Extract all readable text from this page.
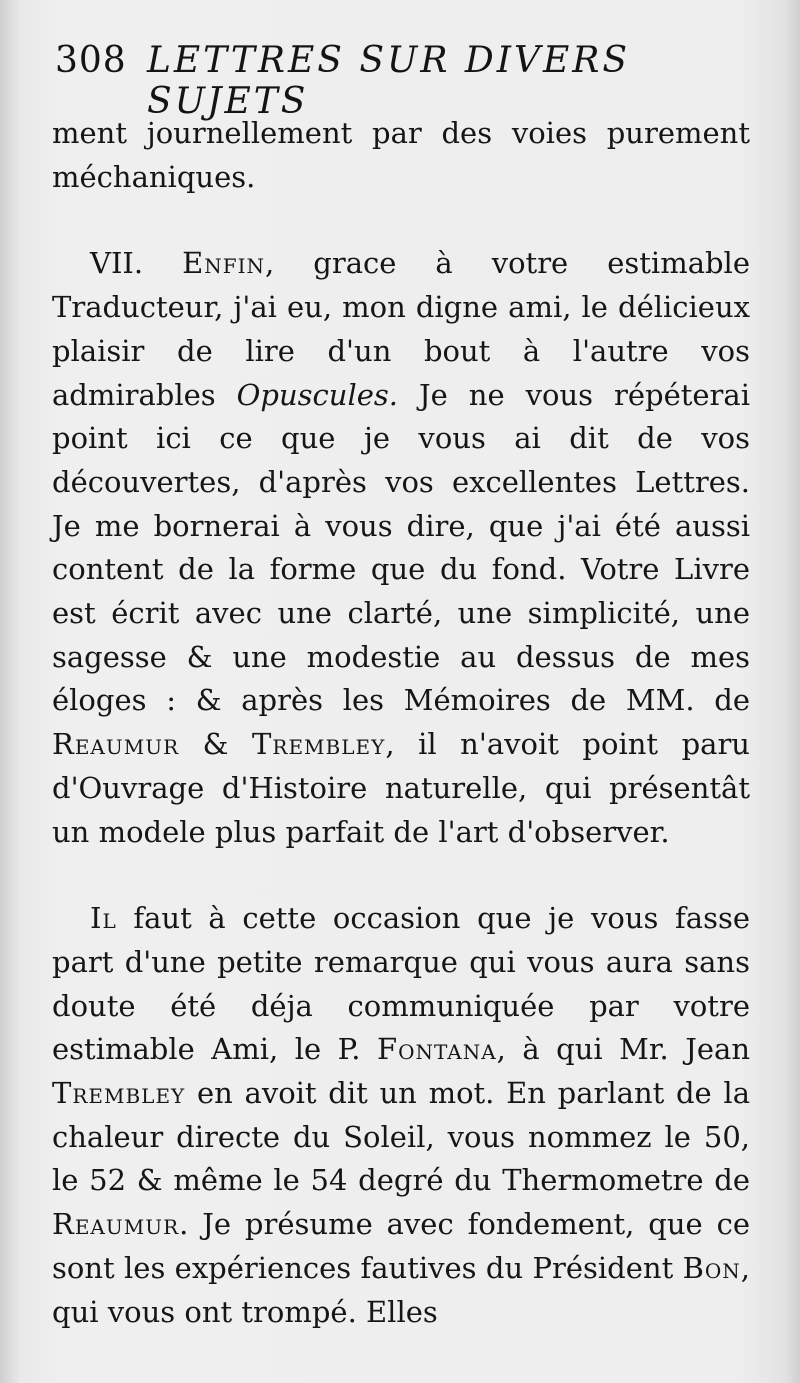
308 LETTRES SUR DIVERS SUJETS

ment journellement par des voies purement méchaniques.

VII. Enfin, grace à votre estimable Traducteur, j'ai eu, mon digne ami, le délicieux plaisir de lire d'un bout à l'autre vos admirables Opuscules. Je ne vous répéterai point ici ce que je vous ai dit de vos découvertes, d'après vos excellentes Lettres. Je me bornerai à vous dire, que j'ai été aussi content de la forme que du fond. Votre Livre est écrit avec une clarté, une simplicité, une sagesse & une modestie au dessus de mes éloges : & après les Mémoires de MM. de Reaumur & Trembley, il n'avoit point paru d'Ouvrage d'Histoire naturelle, qui présentât un modele plus parfait de l'art d'observer.

Il faut à cette occasion que je vous fasse part d'une petite remarque qui vous aura sans doute été déja communiquée par votre estimable Ami, le P. Fontana, à qui Mr. Jean Trembley en avoit dit un mot. En parlant de la chaleur directe du Soleil, vous nommez le 50, le 52 & même le 54 degré du Thermometre de Reaumur. Je présume avec fondement, que ce sont les expériences fautives du Président Bon, qui vous ont trompé. Elles
